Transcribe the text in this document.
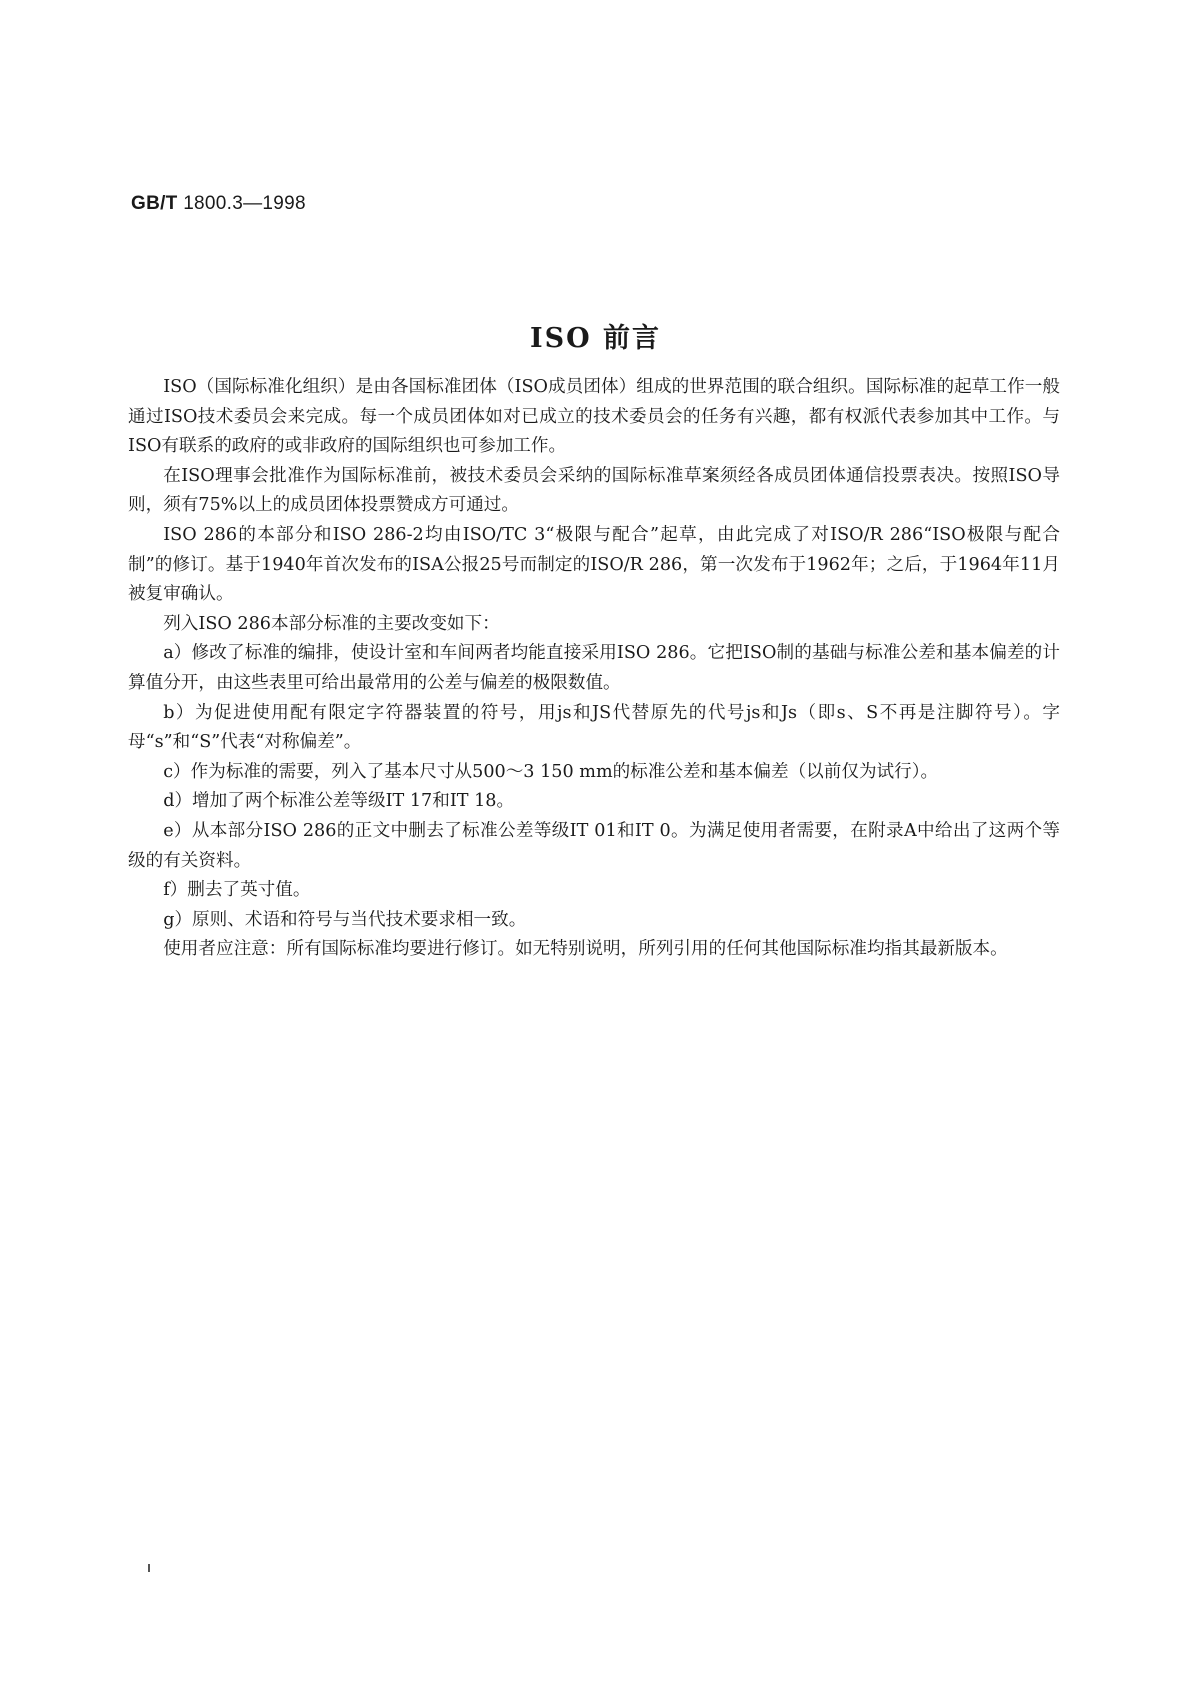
GB/T 1800.3—1998
ISO 前言

ISO（国际标准化组织）是由各国标准团体（ISO成员团体）组成的世界范围的联合组织。国际标准的起草工作一般通过ISO技术委员会来完成。每一个成员团体如对已成立的技术委员会的任务有兴趣，都有权派代表参加其中工作。与ISO有联系的政府的或非政府的国际组织也可参加工作。

在ISO理事会批准作为国际标准前，被技术委员会采纳的国际标准草案须经各成员团体通信投票表决。按照ISO导则，须有75%以上的成员团体投票赞成方可通过。

ISO 286的本部分和ISO 286-2均由ISO/TC 3“极限与配合”起草，由此完成了对ISO/R 286“ISO极限与配合制”的修订。基于1940年首次发布的ISA公报25号而制定的ISO/R 286，第一次发布于1962年；之后，于1964年11月被复审确认。

列入ISO 286本部分标准的主要改变如下：

a）修改了标准的编排，使设计室和车间两者均能直接采用ISO 286。它把ISO制的基础与标准公差和基本偏差的计算值分开，由这些表里可给出最常用的公差与偏差的极限数值。

b）为促进使用配有限定字符器装置的符号，用js和JS代替原先的代号js和Js（即s、S不再是注脚符号）。字母“s”和“S”代表“对称偏差”。

c）作为标准的需要，列入了基本尺寸从500～3 150 mm的标准公差和基本偏差（以前仅为试行）。

d）增加了两个标准公差等级IT 17和IT 18。

e）从本部分ISO 286的正文中删去了标准公差等级IT 01和IT 0。为满足使用者需要，在附录A中给出了这两个等级的有关资料。

f）删去了英寸值。

g）原则、术语和符号与当代技术要求相一致。

使用者应注意：所有国际标准均要进行修订。如无特别说明，所列引用的任何其他国际标准均指其最新版本。
